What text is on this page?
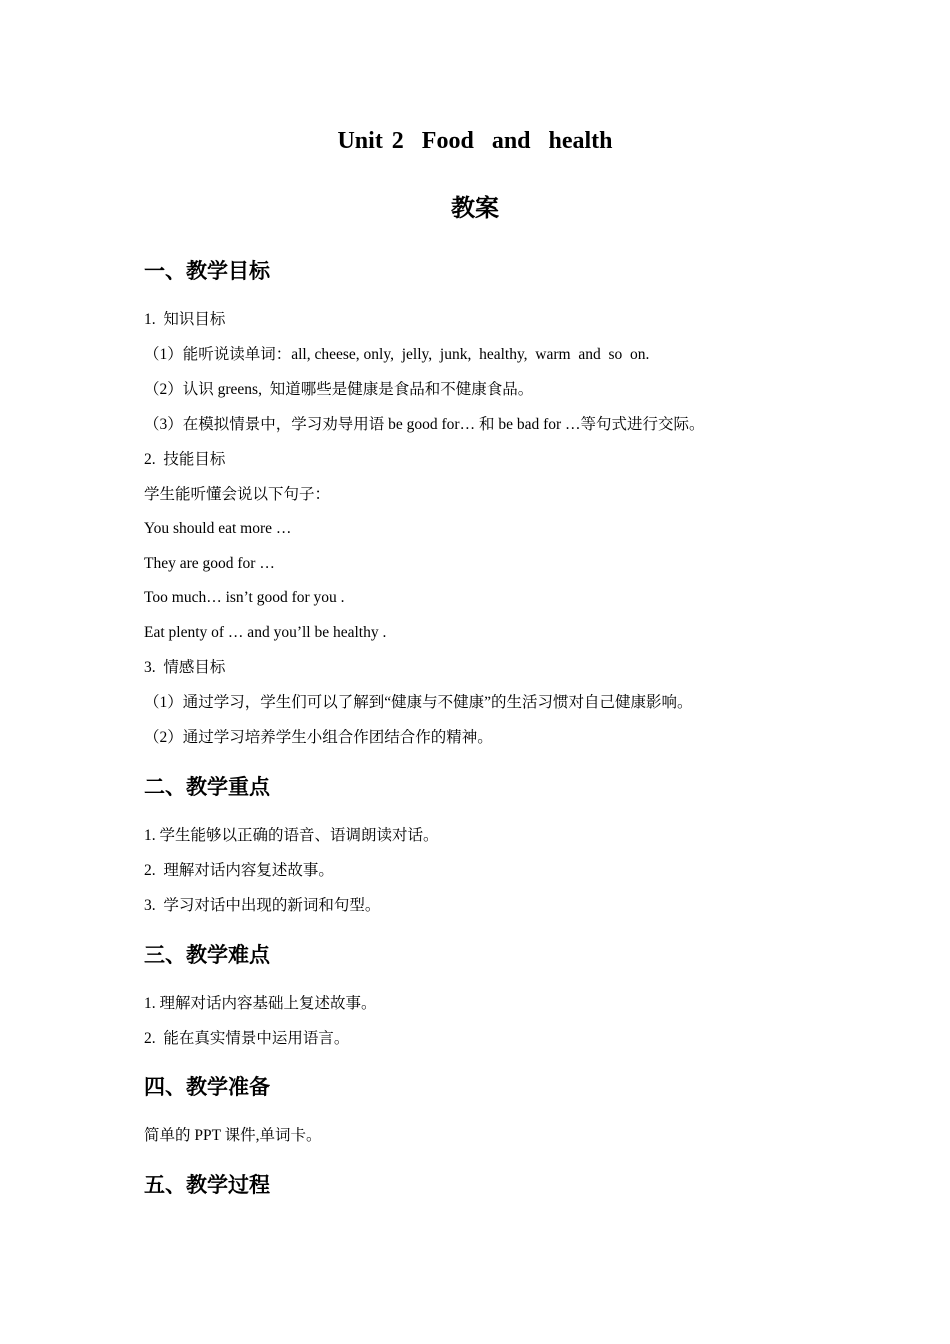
Unit 2  Food  and  health
教案
一、教学目标
1.  知识目标
（1）能听说读单词：all, cheese, only,  jelly,  junk,  healthy,  warm  and  so  on.
（2）认识 greens,  知道哪些是健康是食品和不健康食品。
（3）在模拟情景中，学习劝导用语 be good for… 和 be bad for …等句式进行交际。
2.  技能目标
学生能听懂会说以下句子：
You should eat more …
They are good for …
Too much… isn’t good for you .
Eat plenty of … and you’ll be healthy .
3.  情感目标
（1）通过学习，学生们可以了解到“健康与不健康”的生活习惯对自己健康影响。
（2）通过学习培养学生小组合作团结合作的精神。
二、教学重点
1. 学生能够以正确的语音、语调朗读对话。
2.  理解对话内容复述故事。
3.  学习对话中出现的新词和句型。
三、教学难点
1. 理解对话内容基础上复述故事。
2.  能在真实情景中运用语言。
四、教学准备
简单的 PPT 课件,单词卡。
五、教学过程
